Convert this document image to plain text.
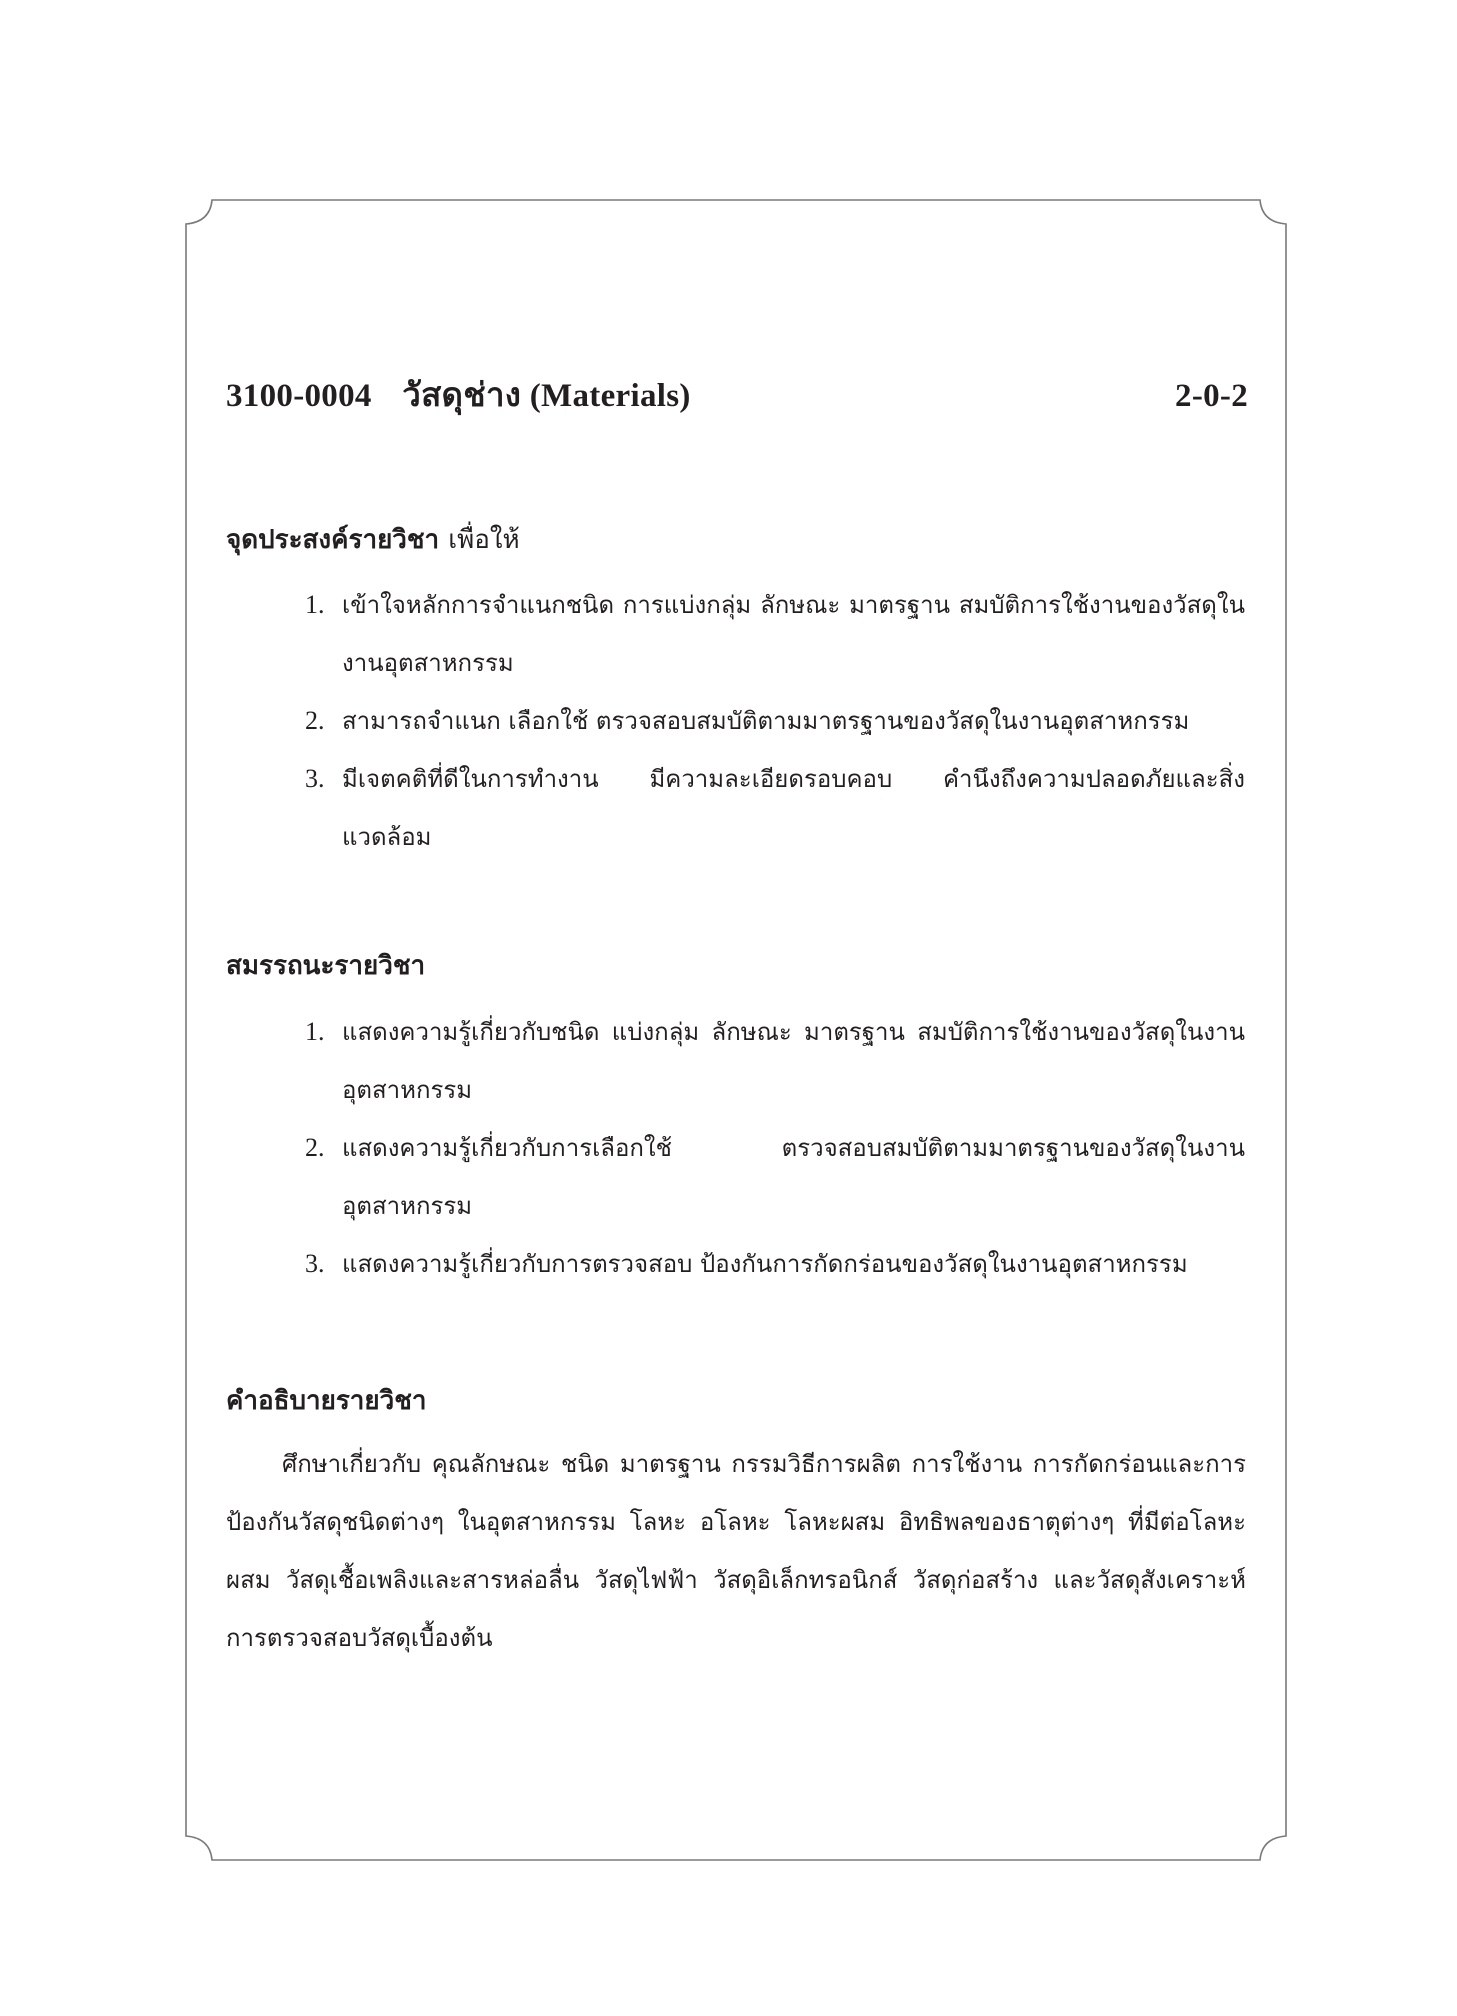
3100-0004 วัสดุช่าง (Materials)	2-0-2
จุดประสงค์รายวิชา เพื่อให้
1. เข้าใจหลักการจำแนกชนิด การแบ่งกลุ่ม ลักษณะ มาตรฐาน สมบัติการใช้งานของวัสดุในงานอุตสาหกรรม
2. สามารถจำแนก เลือกใช้ ตรวจสอบสมบัติตามมาตรฐานของวัสดุในงานอุตสาหกรรม
3. มีเจตคติที่ดีในการทำงาน มีความละเอียดรอบคอบ คำนึงถึงความปลอดภัยและสิ่งแวดล้อม
สมรรถนะรายวิชา
1. แสดงความรู้เกี่ยวกับชนิด แบ่งกลุ่ม ลักษณะ มาตรฐาน สมบัติการใช้งานของวัสดุในงานอุตสาหกรรม
2. แสดงความรู้เกี่ยวกับการเลือกใช้ ตรวจสอบสมบัติตามมาตรฐานของวัสดุในงานอุตสาหกรรม
3. แสดงความรู้เกี่ยวกับการตรวจสอบ ป้องกันการกัดกร่อนของวัสดุในงานอุตสาหกรรม
คำอธิบายรายวิชา
ศึกษาเกี่ยวกับ คุณลักษณะ ชนิด มาตรฐาน กรรมวิธีการผลิต การใช้งาน การกัดกร่อนและการป้องกันวัสดุชนิดต่างๆ ในอุตสาหกรรม โลหะ อโลหะ โลหะผสม อิทธิพลของธาตุต่างๆ ที่มีต่อโลหะผสม วัสดุเชื้อเพลิงและสารหล่อลื่น วัสดุไฟฟ้า วัสดุอิเล็กทรอนิกส์ วัสดุก่อสร้าง และวัสดุสังเคราะห์ การตรวจสอบวัสดุเบื้องต้น
